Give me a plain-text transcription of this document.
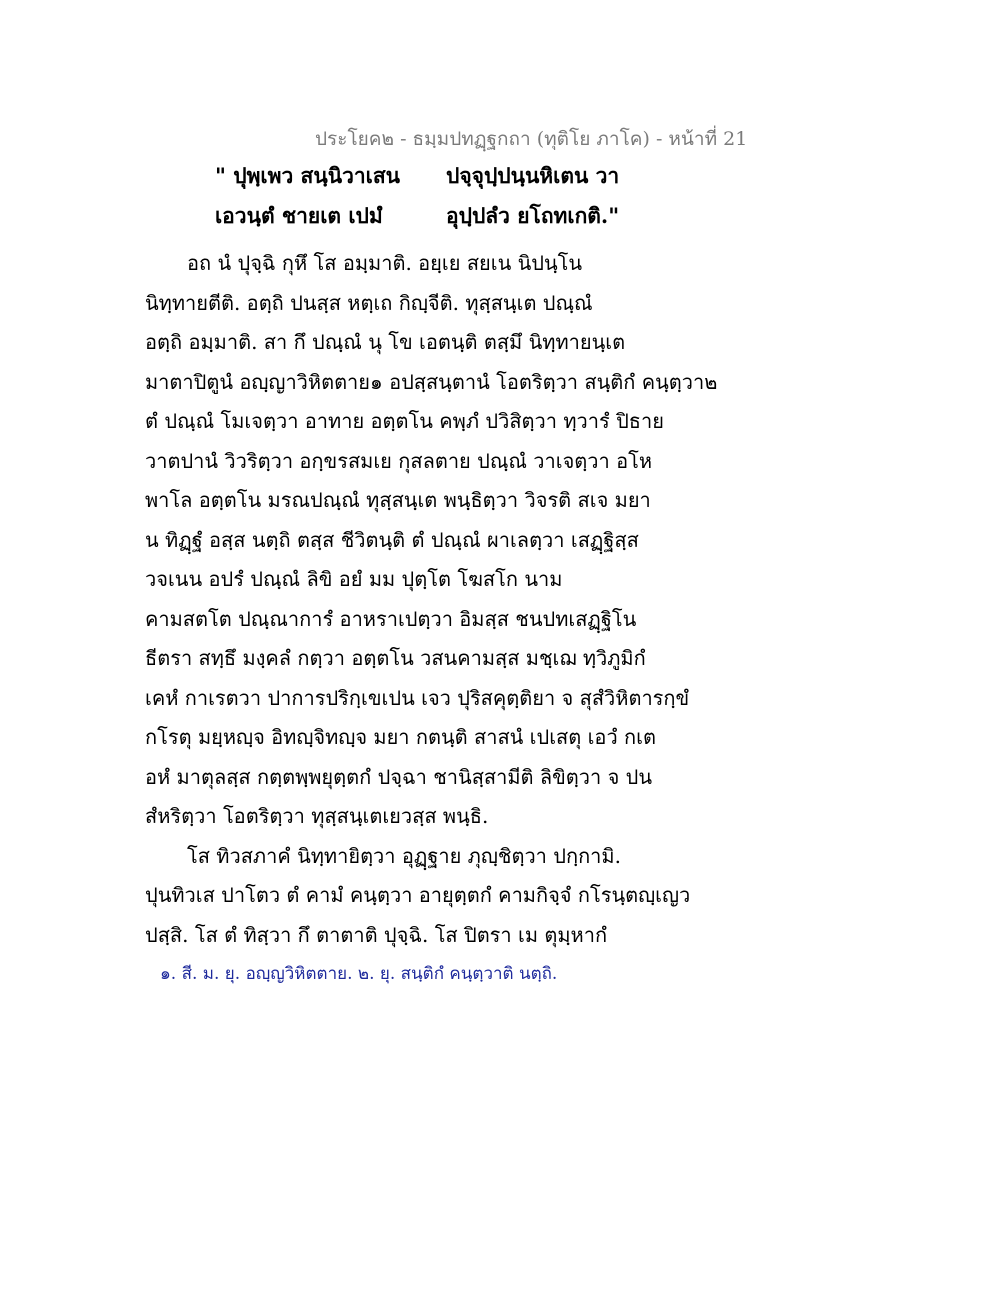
ประโยค๒ - ธมฺมปทฏฺฐกถา (ทุติโย ภาโค) - หน้าที่ 21
" ปุพฺเพว สนฺนิวาเสน ปจฺจุปฺปนฺนหิเตน วา
เอวนฺตํ ชายเต เปมํ	อุปฺปลํว ยโถทเกติ."
อถ นํ ปุจฺฉิ กุหึ โส อมฺมาติ. อยฺเย สยเน นิปนฺโน
นิทฺทายตีติ. อตฺถิ ปนสฺส หตฺเถ กิญฺจีติ. ทุสฺสนฺเต ปณฺณํ
อตฺถิ อมฺมาติ. สา กึ ปณฺณํ นุ โข เอตนฺติ ตสฺมึ นิทฺทายนฺเต
มาตาปิตูนํ อญฺญาวิหิตตาย๑ อปสฺสนฺตานํ โอตริตฺวา สนฺติกํ คนฺตฺวา๒
ตํ ปณฺณํ โมเจตฺวา อาทาย อตฺตโน คพฺภํ ปวิสิตฺวา ทฺวารํ ปิธาย
วาตปานํ วิวริตฺวา อกฺขรสมเย กุสลตาย ปณฺณํ วาเจตฺวา อโห
พาโล อตฺตโน มรณปณฺณํ ทุสฺสนฺเต พนฺธิตฺวา วิจรติ สเจ มยา
น ทิฏฺฐํ อสฺส นตฺถิ ตสฺส ชีวิตนฺติ ตํ ปณฺณํ ผาเลตฺวา เสฏฺฐิสฺส
วจเนน อปรํ ปณฺณํ ลิขิ อยํ มม ปุตฺโต โฆสโก นาม
คามสตโต ปณฺณาการํ อาหราเปตฺวา อิมสฺส ชนปทเสฏฺฐิโน
ธีตรา สทฺธึ มงฺคลํ กตฺวา อตฺตโน วสนคามสฺส มชฺเฌ ทฺวิภูมิกํ
เคหํ กาเรตวา ปาการปริกฺเขเปน เจว ปุริสคุตฺติยา จ สุสํวิหิตารกฺขํ
กโรตุ มยฺหญฺจ อิทญฺจิทญฺจ มยา กตนฺติ สาสนํ เปเสตุ เอวํ กเต
อหํ มาตุลสฺส กตฺตพฺพยุตฺตกํ ปจฺฉา ชานิสฺสามีติ ลิขิตฺวา จ ปน
สํหริตฺวา โอตริตฺวา ทุสฺสนฺเตเยวสฺส พนฺธิ.
โส ทิวสภาคํ นิทฺทายิตฺวา อุฏฺฐาย ภุญฺชิตฺวา ปกฺกามิ.
ปุนทิวเส ปาโตว ตํ คามํ คนฺตฺวา อายุตฺตกํ คามกิจฺจํ กโรนฺตญฺเญว
ปสฺสิ. โส ตํ ทิสฺวา กึ ตาตาติ ปุจฺฉิ. โส ปิตรา เม ตุมฺหากํ
๑. สี. ม. ยุ. อญฺญวิหิตตาย. ๒. ยุ. สนฺติกํ คนฺตฺวาติ นตฺถิ.
